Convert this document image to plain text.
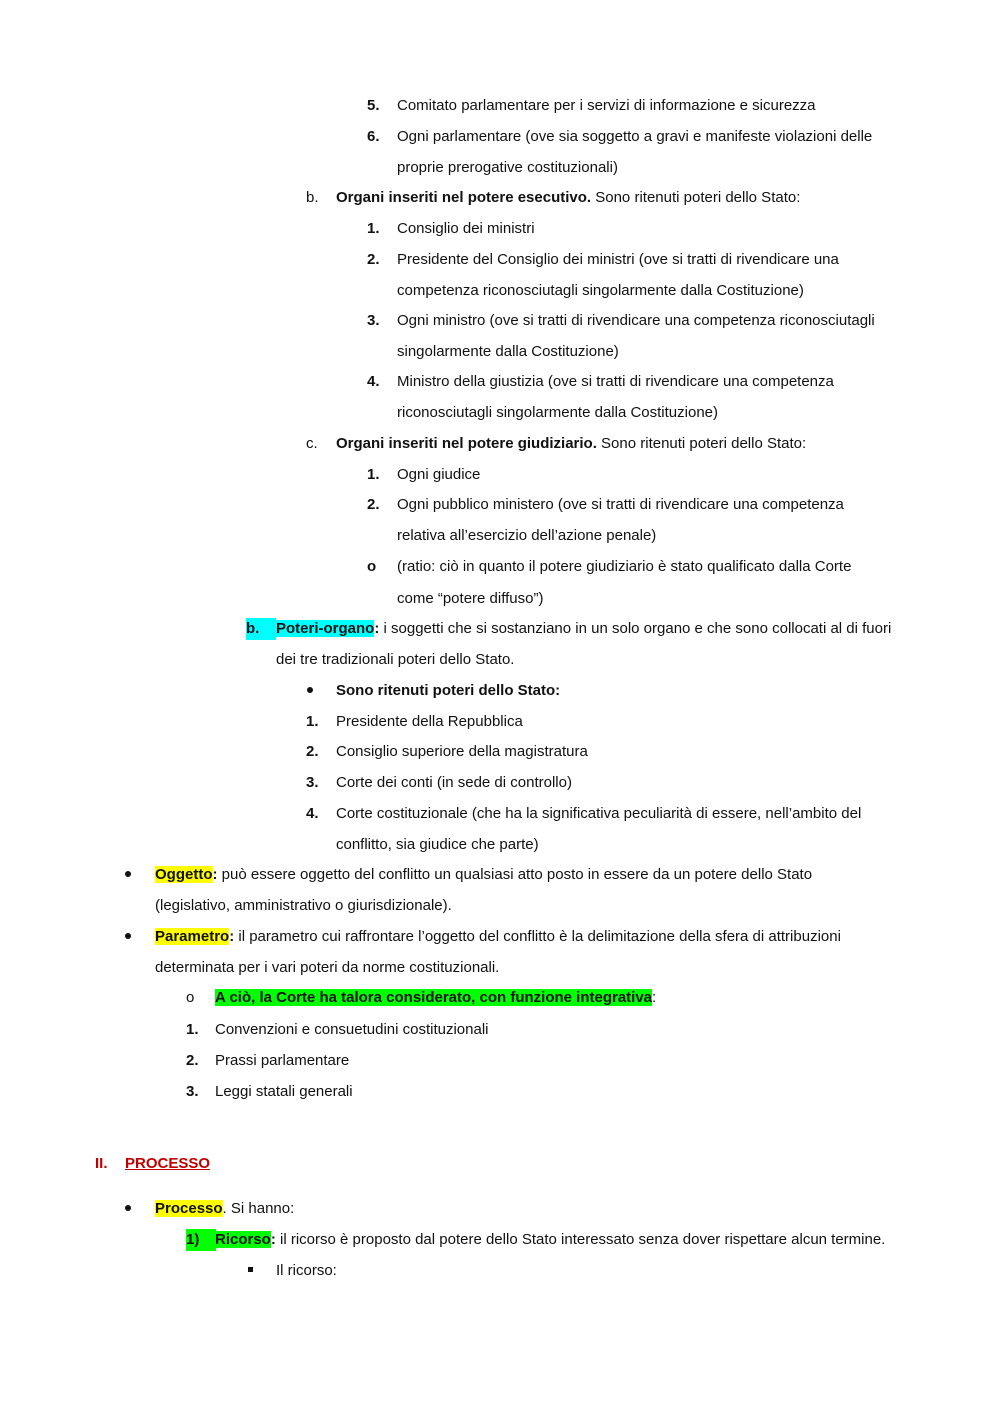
5. Comitato parlamentare per i servizi di informazione e sicurezza
6. Ogni parlamentare (ove sia soggetto a gravi e manifeste violazioni delle
proprie prerogative costituzionali)
b. Organi inseriti nel potere esecutivo. Sono ritenuti poteri dello Stato:
1. Consiglio dei ministri
2. Presidente del Consiglio dei ministri (ove si tratti di rivendicare una
competenza riconosciutagli singolarmente dalla Costituzione)
3. Ogni ministro (ove si tratti di rivendicare una competenza riconosciutagli
singolarmente dalla Costituzione)
4. Ministro della giustizia (ove si tratti di rivendicare una competenza
riconosciutagli singolarmente dalla Costituzione)
c. Organi inseriti nel potere giudiziario. Sono ritenuti poteri dello Stato:
1. Ogni giudice
2. Ogni pubblico ministero (ove si tratti di rivendicare una competenza
relativa all’esercizio dell’azione penale)
o (ratio: ciò in quanto il potere giudiziario è stato qualificato dalla Corte
come “potere diffuso”)
b.	Poteri-organo: i soggetti che si sostanziano in un solo organo e che sono collocati al di fuori
dei tre tradizionali poteri dello Stato.
Sono ritenuti poteri dello Stato:
1. Presidente della Repubblica
2. Consiglio superiore della magistratura
3. Corte dei conti (in sede di controllo)
4. Corte costituzionale (che ha la significativa peculiarità di essere, nell’ambito del
conflitto, sia giudice che parte)
Oggetto: può essere oggetto del conflitto un qualsiasi atto posto in essere da un potere dello Stato
(legislativo, amministrativo o giurisdizionale).
Parametro: il parametro cui raffrontare l’oggetto del conflitto è la delimitazione della sfera di attribuzioni
determinata per i vari poteri da norme costituzionali.
o A ciò, la Corte ha talora considerato, con funzione integrativa:
1. Convenzioni e consuetudini costituzionali
2. Prassi parlamentare
3. Leggi statali generali
II. PROCESSO
Processo. Si hanno:
1)	Ricorso: il ricorso è proposto dal potere dello Stato interessato senza dover rispettare alcun termine.
Il ricorso:
